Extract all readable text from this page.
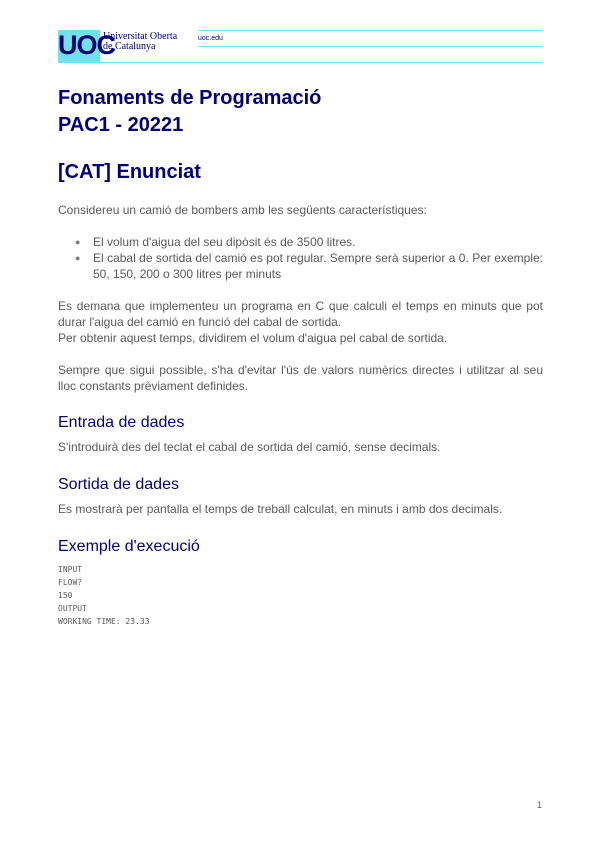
UOC
Universitat Oberta
de Catalunya
uoc.edu
Fonaments de Programació
PAC1 - 20221
[CAT] Enunciat

Considereu un camió de bombers amb les següents característiques:

● El volum d'aigua del seu dipòsit és de 3500 litres.
● El cabal de sortida del camió es pot regular. Sempre serà superior a 0. Per exemple: 50, 150, 200 o 300 litres per minuts
Es demana que implementeu un programa en C que calculi el temps en minuts que pot durar l'aigua del camió en funció del cabal de sortida.
Per obtenir aquest temps, dividirem el volum d'aigua pel cabal de sortida.

Sempre que sigui possible, s'ha d'evitar l'ús de valors numèrics directes i utilitzar al seu lloc constants prèviament definides.

Entrada de dades

S'introduirà des del teclat el cabal de sortida del camió, sense decimals.

Sortida de dades

Es mostrarà per pantalla el temps de treball calculat, en minuts i amb dos decimals.

Exemple d'execució
INPUT
FLOW?
150
OUTPUT
WORKING TIME: 23.33
1
